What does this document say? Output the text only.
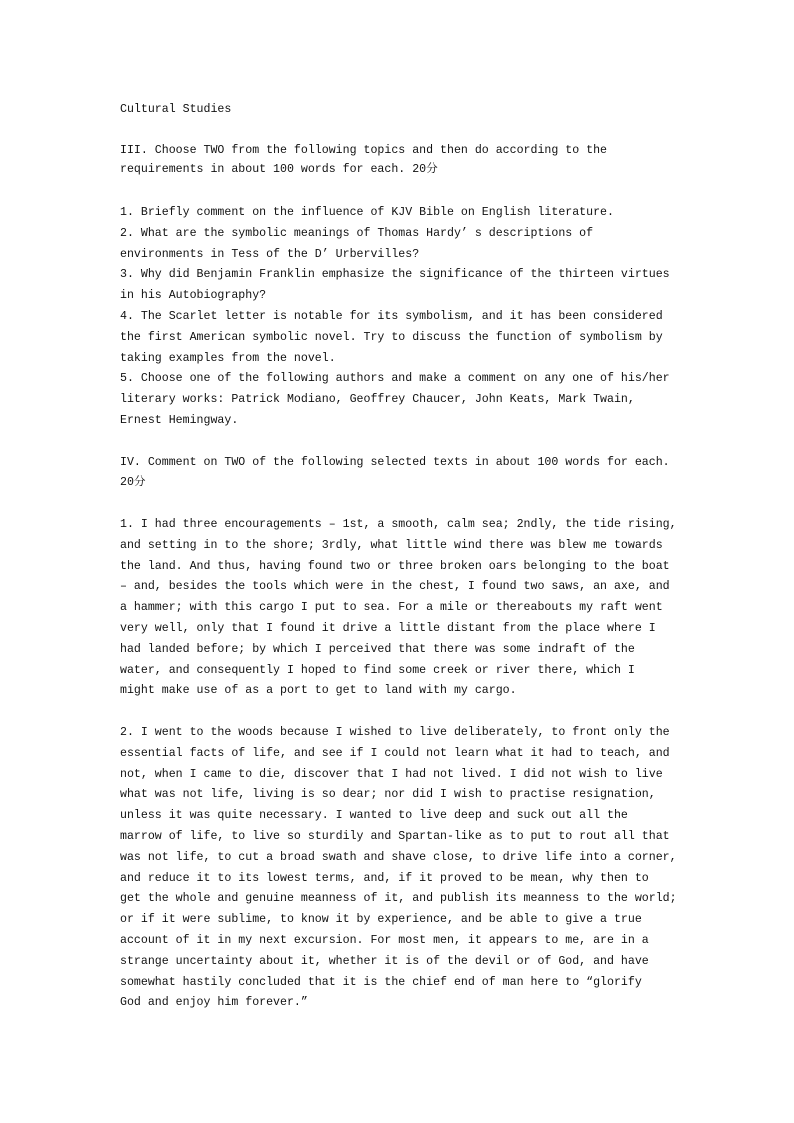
Cultural Studies
III. Choose TWO from the following topics and then do according to the
requirements in about 100 words for each. 20分
1. Briefly comment on the influence of KJV Bible on English literature.
2. What are the symbolic meanings of Thomas Hardy’ s descriptions of
environments in Tess of the D’ Urbervilles?
3. Why did Benjamin Franklin emphasize the significance of the thirteen virtues
in his Autobiography?
4. The Scarlet letter is notable for its symbolism, and it has been considered
the first American symbolic novel. Try to discuss the function of symbolism by
taking examples from the novel.
5. Choose one of the following authors and make a comment on any one of his/her
literary works: Patrick Modiano, Geoffrey Chaucer, John Keats, Mark Twain,
Ernest Hemingway.
IV. Comment on TWO of the following selected texts in about 100 words for each.
20分
1. I had three encouragements – 1st, a smooth, calm sea; 2ndly, the tide rising,
and setting in to the shore; 3rdly, what little wind there was blew me towards
the land. And thus, having found two or three broken oars belonging to the boat
– and, besides the tools which were in the chest, I found two saws, an axe, and
a hammer; with this cargo I put to sea. For a mile or thereabouts my raft went
very well, only that I found it drive a little distant from the place where I
had landed before; by which I perceived that there was some indraft of the
water, and consequently I hoped to find some creek or river there, which I
might make use of as a port to get to land with my cargo.
2. I went to the woods because I wished to live deliberately, to front only the
essential facts of life, and see if I could not learn what it had to teach, and
not, when I came to die, discover that I had not lived. I did not wish to live
what was not life, living is so dear; nor did I wish to practise resignation,
unless it was quite necessary. I wanted to live deep and suck out all the
marrow of life, to live so sturdily and Spartan-like as to put to rout all that
was not life, to cut a broad swath and shave close, to drive life into a corner,
and reduce it to its lowest terms, and, if it proved to be mean, why then to
get the whole and genuine meanness of it, and publish its meanness to the world;
or if it were sublime, to know it by experience, and be able to give a true
account of it in my next excursion. For most men, it appears to me, are in a
strange uncertainty about it, whether it is of the devil or of God, and have
somewhat hastily concluded that it is the chief end of man here to “glorify
God and enjoy him forever.”
